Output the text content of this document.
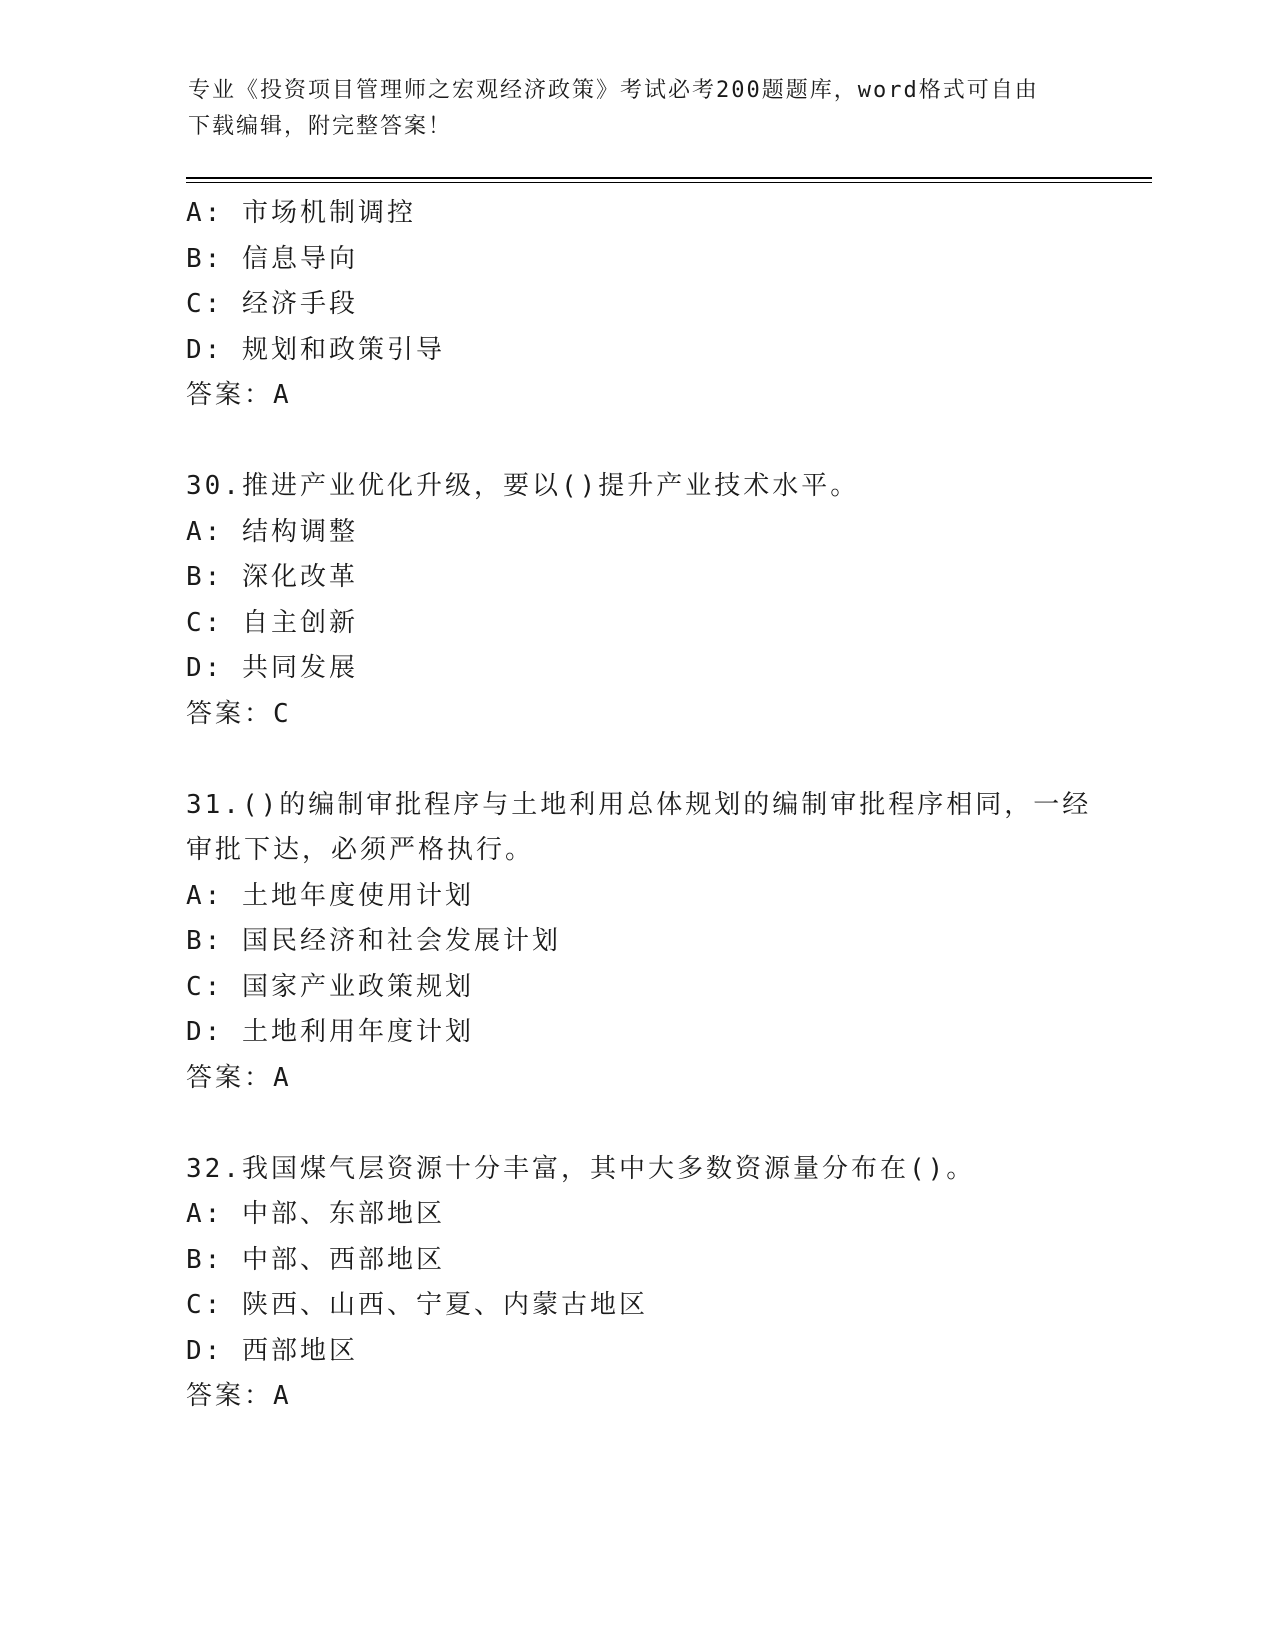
专业《投资项目管理师之宏观经济政策》考试必考200题题库，word格式可自由
下载编辑，附完整答案！
A: 市场机制调控
B: 信息导向
C: 经济手段
D: 规划和政策引导
答案：A
30.推进产业优化升级，要以()提升产业技术水平。
A: 结构调整
B: 深化改革
C: 自主创新
D: 共同发展
答案：C
31.()的编制审批程序与土地利用总体规划的编制审批程序相同，一经
审批下达，必须严格执行。
A: 土地年度使用计划
B: 国民经济和社会发展计划
C: 国家产业政策规划
D: 土地利用年度计划
答案：A
32.我国煤气层资源十分丰富，其中大多数资源量分布在()。
A: 中部、东部地区
B: 中部、西部地区
C: 陕西、山西、宁夏、内蒙古地区
D: 西部地区
答案：A
